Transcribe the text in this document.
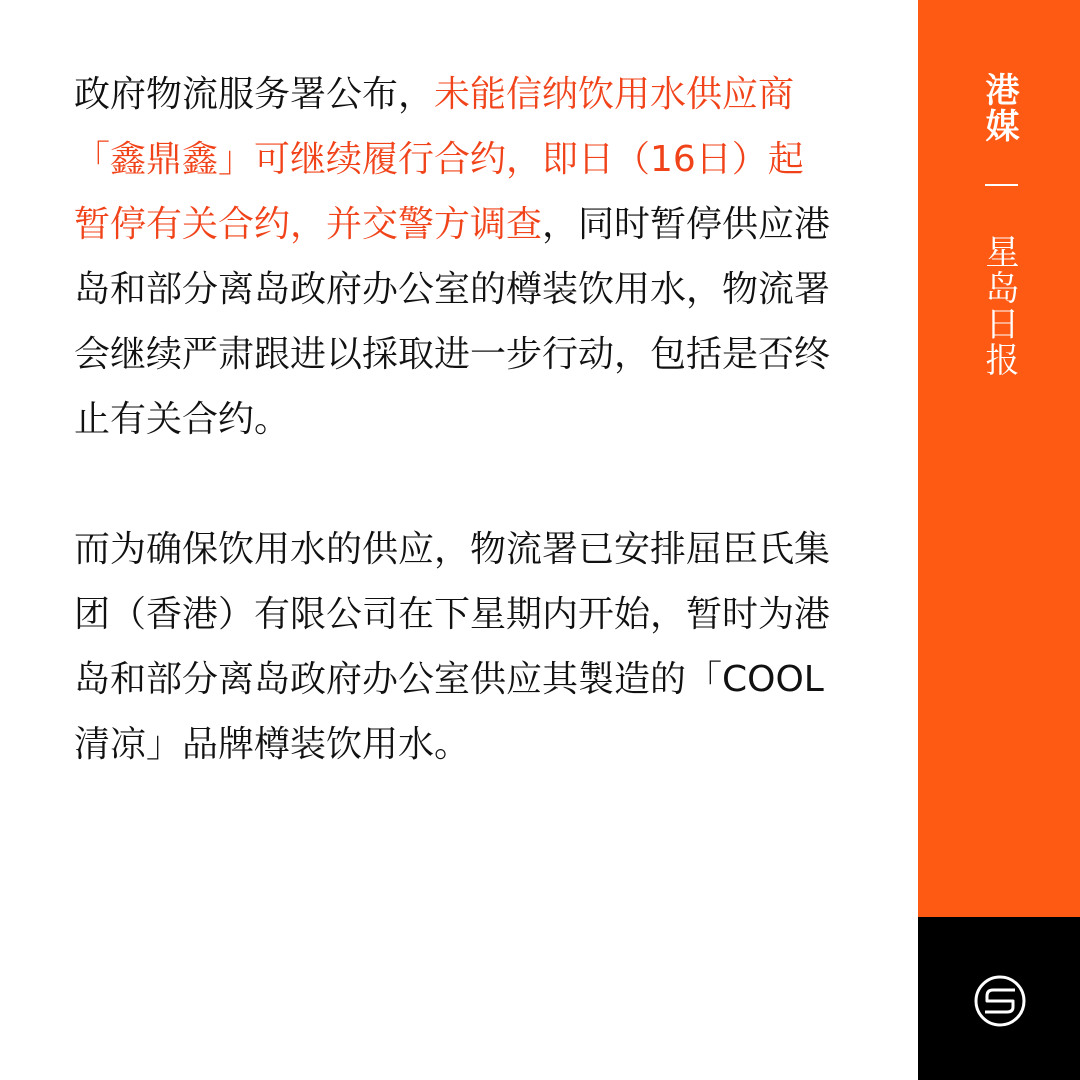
政府物流服务署公布，未能信纳饮用水供应商「鑫鼎鑫」可继续履行合约，即日（16日）起暂停有关合约，并交警方调查，同时暂停供应港岛和部分离岛政府办公室的樽装饮用水，物流署会继续严肃跟进以採取进一步行动，包括是否终止有关合约。

而为确保饮用水的供应，物流署已安排屈臣氏集团（香港）有限公司在下星期内开始，暂时为港岛和部分离岛政府办公室供应其製造的「COOL清凉」品牌樽装饮用水。

港媒
星岛日报
